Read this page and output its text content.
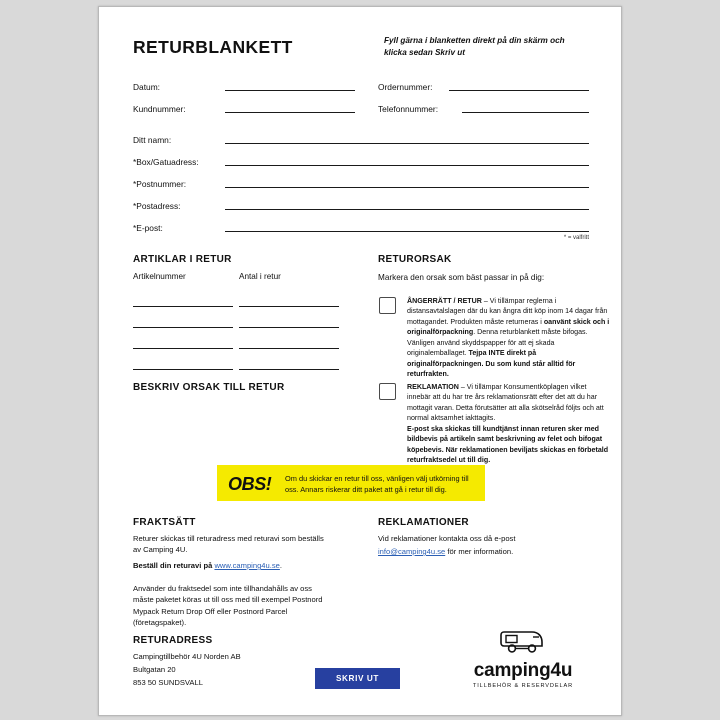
RETURBLANKETT	Fyll gärna i blanketten direkt på din skärm och klicka sedan Skriv ut
Datum:	Ordernummer:
Kundnummer:	Telefonnummer:
Ditt namn:
*Box/Gatuadress:
*Postnummer:
*Postadress:
*E-post:
* = valfritt
ARTIKLAR I RETUR
Artikelnummer	Antal i retur
BESKRIV ORSAK TILL RETUR
RETURORSAK
Markera den orsak som bäst passar in på dig:
ÅNGERRÄTT / RETUR – Vi tillämpar reglerna i distansavtalslagen där du kan ångra ditt köp inom 14 dagar från mottagandet. Produkten måste returneras i oanvänt skick och i originalförpackning. Denna returblankett måste bifogas. Vänligen använd skyddspapper för att ej skada originalemballaget. Tejpa INTE direkt på originalförpackningen. Du som kund står alltid för returfrakten.
REKLAMATION – Vi tillämpar Konsumentköplagen vilket innebär att du har tre års reklamationsrätt efter det att du har mottagit varan. Detta förutsätter att alla skötselråd följts och att normal aktsamhet iakttagits.
E-post ska skickas till kundtjänst innan returen sker med bildbevis på artikeln samt beskrivning av felet och bifogat köpebevis. När reklamationen beviljats skickas en förbetald returfraktsedel ut till dig.
OBS! Om du skickar en retur till oss, vänligen välj utkörning till oss. Annars riskerar ditt paket att gå i retur till dig.
FRAKTSÄTT
Returer skickas till returadress med returavi som beställs av Camping 4U.
Beställ din returavi på www.camping4u.se.
Använder du fraktsedel som inte tillhandahålls av oss måste paketet köras ut till oss med till exempel Postnord Mypack Return Drop Off eller Postnord Parcel (företagspaket).
REKLAMATIONER
Vid reklamationer kontakta oss då e-post
info@camping4u.se för mer information.
RETURADRESS
Campingtillbehör 4U Norden AB
Bultgatan 20
853 50 SUNDSVALL	SKRIV UT	camping4u
TILLBEHÖR & RESERVDELAR
